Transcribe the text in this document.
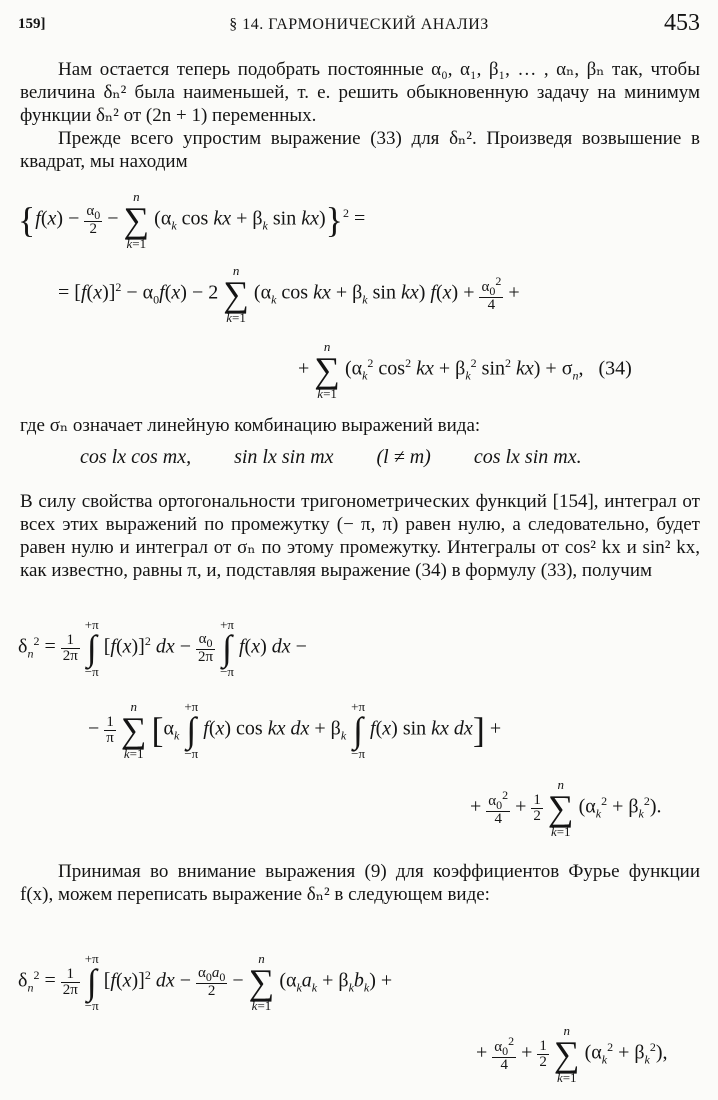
159]	§ 14. ГАРМОНИЧЕСКИЙ АНАЛИЗ	453
Нам остается теперь подобрать постоянные α₀, α₁, β₁, … , αₙ, βₙ так, чтобы величина δₙ² была наименьшей, т. е. решить обыкновенную задачу на минимум функции δₙ² от (2n + 1) переменных.
Прежде всего упростим выражение (33) для δₙ². Произведя возвышение в квадрат, мы находим
{$f(x) - \frac{\alpha_0}{2}$ −
n
∑
k=1
($\alpha_k$ cos kx + $\beta_k$ sin kx)}$^2$ =
= $[f(x)]^2 - \alpha_0f(x) - 2$
n
∑
k=1
($\alpha_k$ cos kx + $\beta_k$ sin kx) $f(x) + \frac{\alpha_0^2}{4}$ +
+
n
∑
k=1
($\alpha_k^2$ $\cos^2$ kx + $\beta_k^2$ $\sin^2 kx) + \sigma_n$,   (34)
где σₙ означает линейную комбинацию выражений вида:
cos lx cos mx, sin lx sin mx (l ≠ m) cos lx sin mx.
В силу свойства ортогональности тригонометрических функций [154], интеграл от всех этих выражений по промежутку (− π, π) равен нулю, а следовательно, будет равен нулю и интеграл от σₙ по этому промежутку. Интегралы от cos² kx и sin² kx, как известно, равны π, и, подставляя выражение (34) в формулу (33), получим
$\delta_n^2 = \frac{1}{2\pi}$

+π
∫
−π
$[f(x)]^2$ dx − $\frac{\alpha_0}{2\pi}$

+π
∫
−π
f(x) dx −
− $\frac{1}{\pi}$

n
∑
k=1
[$\alpha_k$
+π
∫
−π
f(x) cos kx dx + $\beta_k$
+π
∫
−π
f(x) sin kx dx] +
+ $\frac{\alpha_0^2}{4} + \frac{1}{2}$

n
∑
k=1
$(\alpha_k^2 + \beta_k^2)$.
Принимая во внимание выражения (9) для коэффициентов Фурье функции f(x), можем переписать выражение δₙ² в следующем виде:
$\delta_n^2 = \frac{1}{2\pi}$

+π
∫
−π
$[f(x)]^2$ dx − $\frac{\alpha_0a_0}{2}$ −
n
∑
k=1
$(\alpha_ka_k + \beta_kb_k)$ +
+ $\frac{\alpha_0^2}{4} + \frac{1}{2}$

n
∑
k=1
$(\alpha_k^2 + \beta_k^2)$,
